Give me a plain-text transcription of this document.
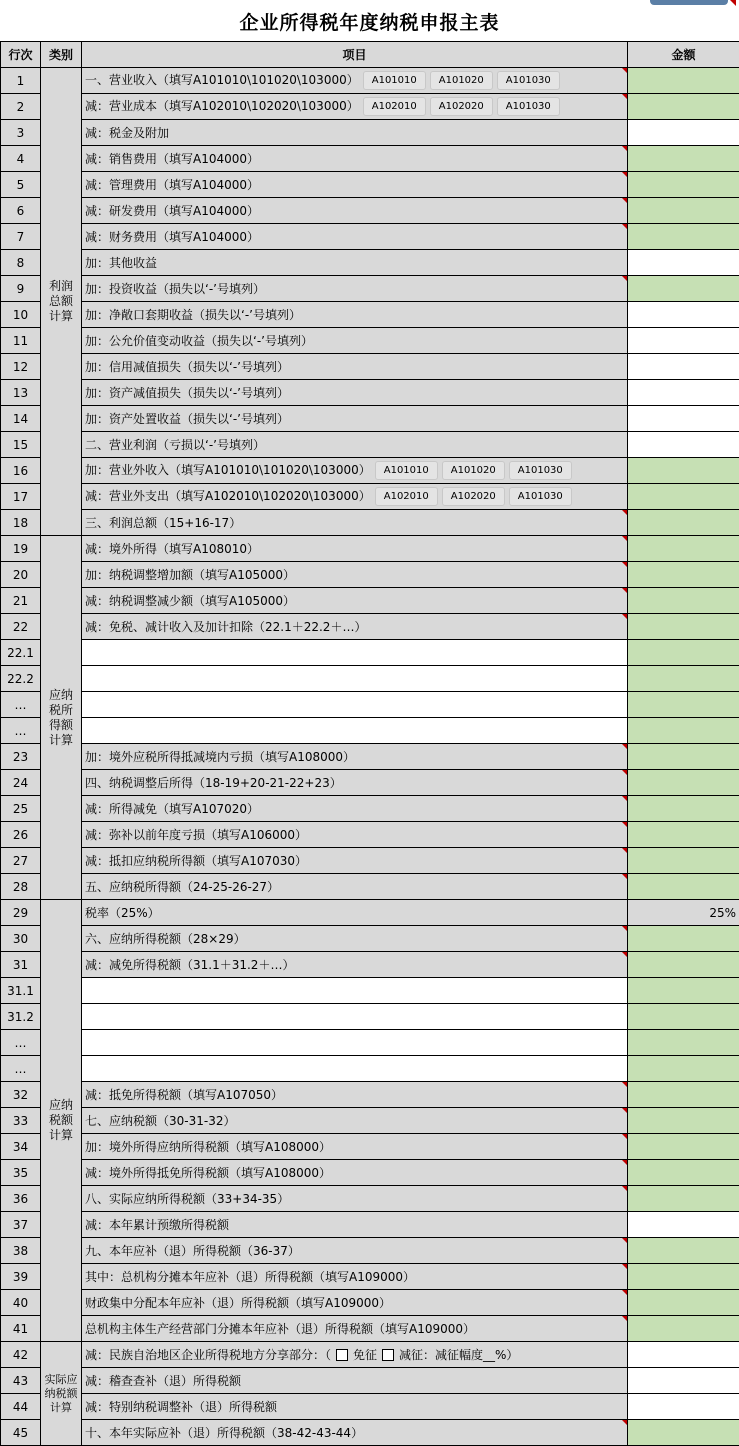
企业所得税年度纳税申报主表
行次	类别	项目	金额
1	利润总额计算	一、营业收入（填写A101010\101020\103000） A101010 A101020 A101030

2		减：营业成本（填写A102010\102020\103000） A102010 A102020 A101030

3		减：税金及附加	
4		减：销售费用（填写A104000）

5		减：管理费用（填写A104000）

6		减：研发费用（填写A104000）

7		减：财务费用（填写A104000）

8		加：其他收益	
9		加：投资收益（损失以‘-’号填列）

10		加：净敞口套期收益（损失以‘-’号填列）	
11		加：公允价值变动收益（损失以‘-’号填列）	
12		加：信用减值损失（损失以‘-’号填列）	
13		加：资产减值损失（损失以‘-’号填列）	
14		加：资产处置收益（损失以‘-’号填列）	
15		二、营业利润（亏损以‘-’号填列）	
16		加：营业外收入（填写A101010\101020\103000） A101010 A101020 A101030	
17		减：营业外支出（填写A102010\102020\103000） A102010 A102020 A101030	
18		三、利润总额（15+16-17）

19	应纳税所得额计算	减：境外所得（填写A108010）

20		加：纳税调整增加额（填写A105000）

21		减：纳税调整减少额（填写A105000）

22		减：免税、减计收入及加计扣除（22.1＋22.2＋…）

22.1			
22.2			
…			
…			
23		加：境外应税所得抵减境内亏损（填写A108000）

24		四、纳税调整后所得（18-19+20-21-22+23）

25		减：所得减免（填写A107020）

26		减：弥补以前年度亏损（填写A106000）

27		减：抵扣应纳税所得额（填写A107030）

28		五、应纳税所得额（24-25-26-27）

29	应纳税额计算	税率（25%）	25%
30		六、应纳所得税额（28×29）

31		减：减免所得税额（31.1＋31.2＋…）

31.1			
31.2			
…			
…			
32		减：抵免所得税额（填写A107050）

33		七、应纳税额（30-31-32）

34		加：境外所得应纳所得税额（填写A108000）

35		减：境外所得抵免所得税额（填写A108000）

36		八、实际应纳所得税额（33+34-35）

37		减：本年累计预缴所得税额	
38		九、本年应补（退）所得税额（36-37）

39		其中：总机构分摊本年应补（退）所得税额（填写A109000）

40		财政集中分配本年应补（退）所得税额（填写A109000）

41		总机构主体生产经营部门分摊本年应补（退）所得税额（填写A109000）

42	实际应纳税额计算	减：民族自治地区企业所得税地方分享部分：（ 免征 减征：减征幅度__%）	
43		减：稽查查补（退）所得税额	
44		减：特别纳税调整补（退）所得税额	
45		十、本年实际应补（退）所得税额（38-42-43-44）
